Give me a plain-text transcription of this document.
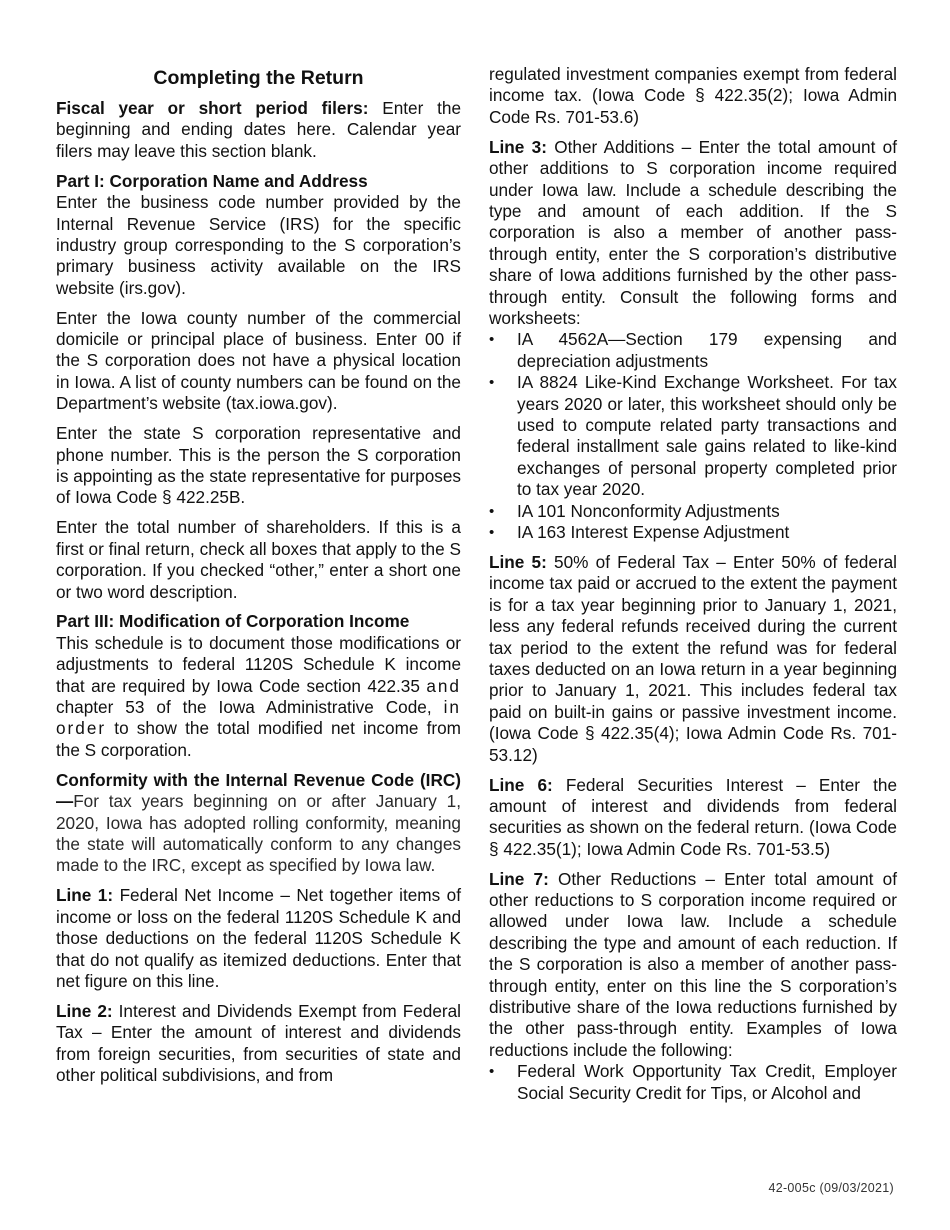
Completing the Return

Fiscal year or short period filers: Enter the beginning and ending dates here. Calendar year filers may leave this section blank.

Part I: Corporation Name and Address

Enter the business code number provided by the Internal Revenue Service (IRS) for the specific industry group corresponding to the S corporation’s primary business activity available on the IRS website (irs.gov).

Enter the Iowa county number of the commercial domicile or principal place of business. Enter 00 if the S corporation does not have a physical location in Iowa. A list of county numbers can be found on the Department’s website (tax.iowa.gov).

Enter the state S corporation representative and phone number. This is the person the S corporation is appointing as the state representative for purposes of Iowa Code § 422.25B.

Enter the total number of shareholders. If this is a first or final return, check all boxes that apply to the S corporation. If you checked “other,” enter a short one or two word description.

Part III: Modification of Corporation Income

This schedule is to document those modifications or adjustments to federal 1120S Schedule K income that are required by Iowa Code section 422.35 and chapter 53 of the Iowa Administrative Code, in order to show the total modified net income from the S corporation.

Conformity with the Internal Revenue Code (IRC)—For tax years beginning on or after January 1, 2020, Iowa has adopted rolling conformity, meaning the state will automatically conform to any changes made to the IRC, except as specified by Iowa law.

Line 1: Federal Net Income – Net together items of income or loss on the federal 1120S Schedule K and those deductions on the federal 1120S Schedule K that do not qualify as itemized deductions. Enter that net figure on this line.

Line 2: Interest and Dividends Exempt from Federal Tax – Enter the amount of interest and dividends from foreign securities, from securities of state and other political subdivisions, and from

regulated investment companies exempt from federal income tax. (Iowa Code § 422.35(2); Iowa Admin Code Rs. 701-53.6)

Line 3: Other Additions – Enter the total amount of other additions to S corporation income required under Iowa law. Include a schedule describing the type and amount of each addition. If the S corporation is also a member of another pass-through entity, enter the S corporation’s distributive share of Iowa additions furnished by the other pass-through entity. Consult the following forms and worksheets:

•	IA 4562A—Section 179 expensing and depreciation adjustments
•	IA 8824 Like-Kind Exchange Worksheet. For tax years 2020 or later, this worksheet should only be used to compute related party transactions and federal installment sale gains related to like-kind exchanges of personal property completed prior to tax year 2020.
•	IA 101 Nonconformity Adjustments
•	IA 163 Interest Expense Adjustment

Line 5: 50% of Federal Tax – Enter 50% of federal income tax paid or accrued to the extent the payment is for a tax year beginning prior to January 1, 2021, less any federal refunds received during the current tax period to the extent the refund was for federal taxes deducted on an Iowa return in a year beginning prior to January 1, 2021. This includes federal tax paid on built-in gains or passive investment income. (Iowa Code § 422.35(4); Iowa Admin Code Rs. 701-53.12)

Line 6: Federal Securities Interest – Enter the amount of interest and dividends from federal securities as shown on the federal return. (Iowa Code § 422.35(1); Iowa Admin Code Rs. 701-53.5)

Line 7: Other Reductions – Enter total amount of other reductions to S corporation income required or allowed under Iowa law. Include a schedule describing the type and amount of each reduction. If the S corporation is also a member of another pass-through entity, enter on this line the S corporation’s distributive share of the Iowa reductions furnished by the other pass-through entity. Examples of Iowa reductions include the following:

•	Federal Work Opportunity Tax Credit, Employer Social Security Credit for Tips, or Alcohol and
42-005c (09/03/2021)
